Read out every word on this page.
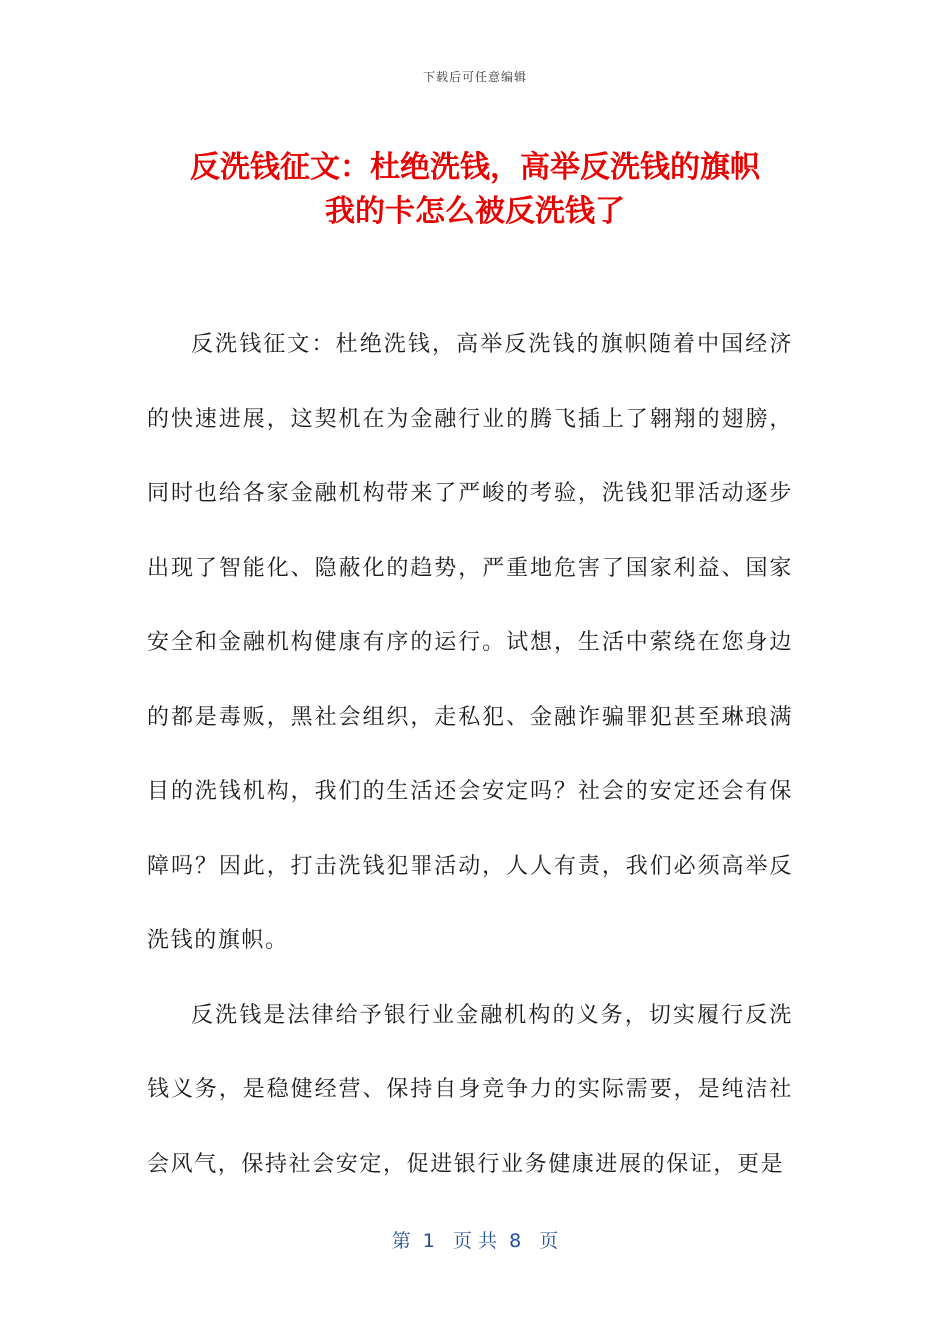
下载后可任意编辑
反洗钱征文：杜绝洗钱，高举反洗钱的旗帜
我的卡怎么被反洗钱了

反洗钱征文：杜绝洗钱，高举反洗钱的旗帜随着中国经济的快速进展，这契机在为金融行业的腾飞插上了翱翔的翅膀，同时也给各家金融机构带来了严峻的考验，洗钱犯罪活动逐步出现了智能化、隐蔽化的趋势，严重地危害了国家利益、国家安全和金融机构健康有序的运行。试想，生活中萦绕在您身边的都是毒贩，黑社会组织，走私犯、金融诈骗罪犯甚至琳琅满目的洗钱机构，我们的生活还会安定吗？社会的安定还会有保障吗？因此，打击洗钱犯罪活动，人人有责，我们必须高举反洗钱的旗帜。

反洗钱是法律给予银行业金融机构的义务，切实履行反洗钱义务，是稳健经营、保持自身竞争力的实际需要，是纯洁社会风气，保持社会安定，促进银行业务健康进展的保证，更是

第  1   页 共  8   页
